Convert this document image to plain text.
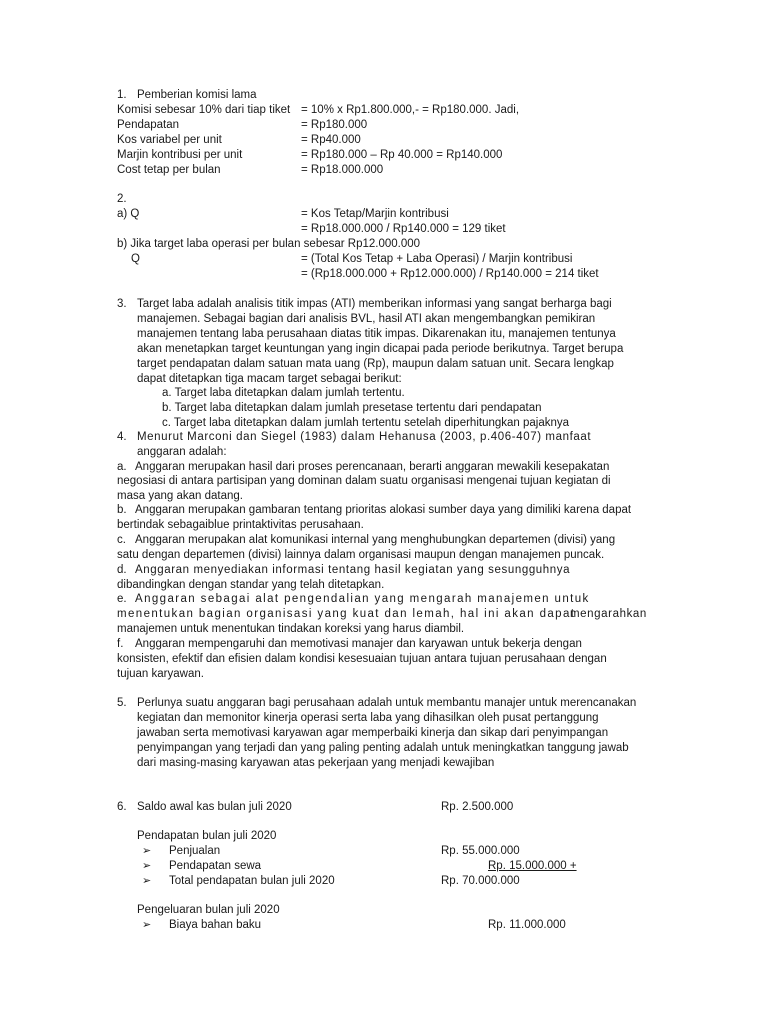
1. Pemberian komisi lama
Komisi sebesar 10% dari tiap tiket = 10% x Rp1.800.000,- = Rp180.000. Jadi,
Pendapatan	= Rp180.000
Kos variabel per unit	= Rp40.000
Marjin kontribusi per unit	= Rp180.000 – Rp 40.000 = Rp140.000
Cost tetap per bulan	= Rp18.000.000
2.
a) Q	= Kos Tetap/Marjin kontribusi
= Rp18.000.000 / Rp140.000 = 129 tiket
b) Jika target laba operasi per bulan sebesar Rp12.000.000
Q	= (Total Kos Tetap + Laba Operasi) / Marjin kontribusi
= (Rp18.000.000 + Rp12.000.000) / Rp140.000 = 214 tiket
3. Target laba adalah analisis titik impas (ATI) memberikan informasi yang sangat berharga bagi
manajemen. Sebagai bagian dari analisis BVL, hasil ATI akan mengembangkan pemikiran
manajemen tentang laba perusahaan diatas titik impas. Dikarenakan itu, manajemen tentunya
akan menetapkan target keuntungan yang ingin dicapai pada periode berikutnya. Target berupa
target pendapatan dalam satuan mata uang (Rp), maupun dalam satuan unit. Secara lengkap
dapat ditetapkan tiga macam target sebagai berikut:
a. Target laba ditetapkan dalam jumlah tertentu.
b. Target laba ditetapkan dalam jumlah presetase tertentu dari pendapatan
c. Target laba ditetapkan dalam jumlah tertentu setelah diperhitungkan pajaknya
4. Menurut Marconi dan Siegel (1983) dalam Hehanusa (2003, p.406-407) manfaat
anggaran adalah:
a. Anggaran merupakan hasil dari proses perencanaan, berarti anggaran mewakili kesepakatan
negosiasi di antara partisipan yang dominan dalam suatu organisasi mengenai tujuan kegiatan di
masa yang akan datang.
b. Anggaran merupakan gambaran tentang prioritas alokasi sumber daya yang dimiliki karena dapat
bertindak sebagaiblue printaktivitas perusahaan.
c. Anggaran merupakan alat komunikasi internal yang menghubungkan departemen (divisi) yang
satu dengan departemen (divisi) lainnya dalam organisasi maupun dengan manajemen puncak.
d. Anggaran menyediakan informasi tentang hasil kegiatan yang sesungguhnya
dibandingkan dengan standar yang telah ditetapkan.
e. Anggaran sebagai alat pengendalian yang mengarah manajemen untuk
menentukan bagian organisasi yang kuat dan lemah, hal ini akan dapat
mengarahkan
manajemen untuk menentukan tindakan koreksi yang harus diambil.
f. Anggaran mempengaruhi dan memotivasi manajer dan karyawan untuk bekerja dengan
konsisten, efektif dan efisien dalam kondisi kesesuaian tujuan antara tujuan perusahaan dengan
tujuan karyawan.
5. Perlunya suatu anggaran bagi perusahaan adalah untuk membantu manajer untuk merencanakan
kegiatan dan memonitor kinerja operasi serta laba yang dihasilkan oleh pusat pertanggung
jawaban serta memotivasi karyawan agar memperbaiki kinerja dan sikap dari penyimpangan
penyimpangan yang terjadi dan yang paling penting adalah untuk meningkatkan tanggung jawab
dari masing-masing karyawan atas pekerjaan yang menjadi kewajiban
6. Saldo awal kas bulan juli 2020	Rp. 2.500.000
Pendapatan bulan juli 2020
➢ Penjualan	Rp. 55.000.000
➢ Pendapatan sewa	Rp. 15.000.000 +
➢ Total pendapatan bulan juli 2020	Rp. 70.000.000
Pengeluaran bulan juli 2020
➢ Biaya bahan baku	Rp. 11.000.000
